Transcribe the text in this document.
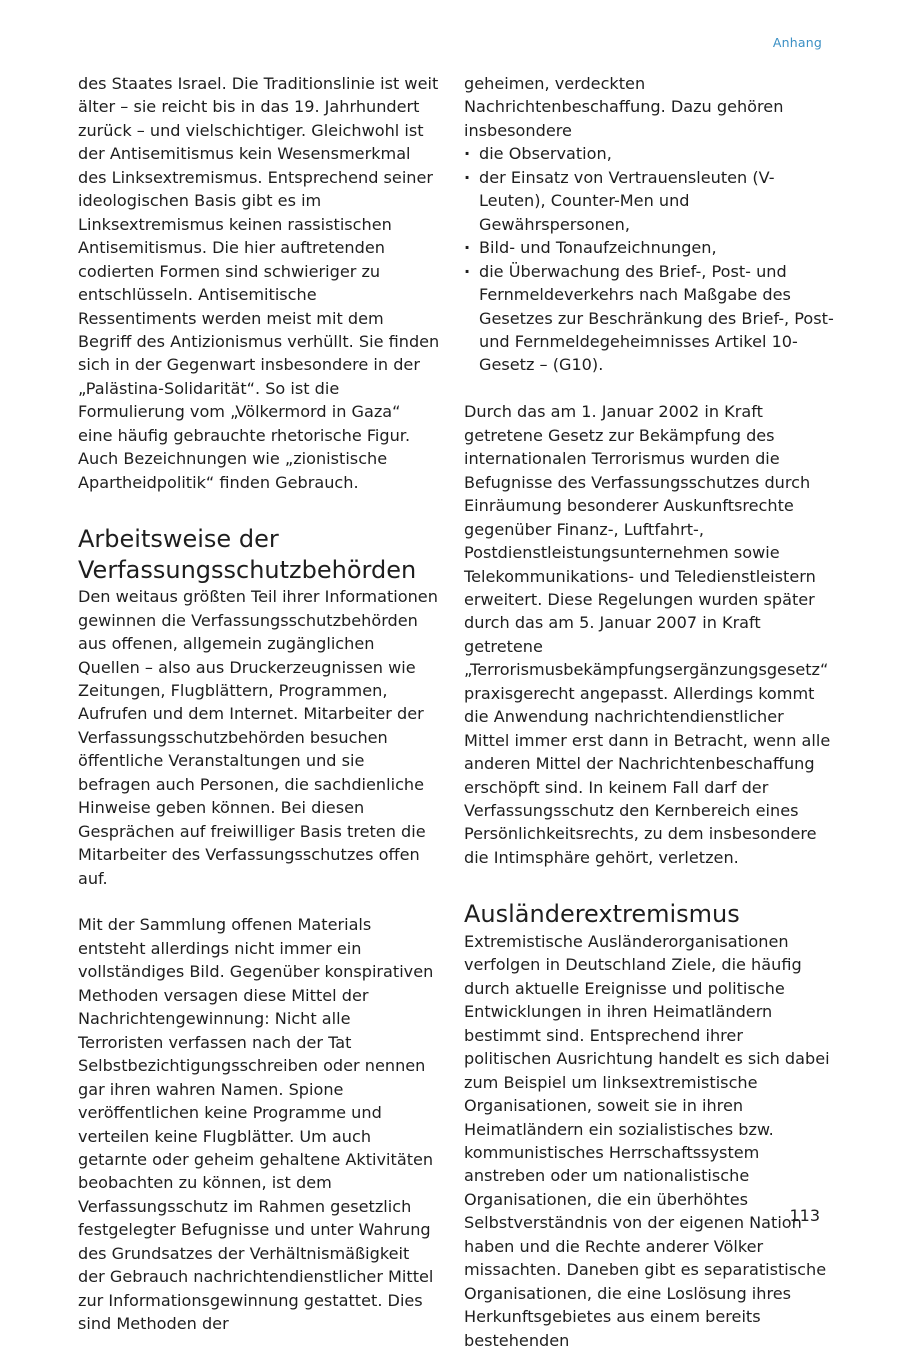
Anhang

des Staates Israel. Die Traditionslinie ist weit älter – sie reicht bis in das 19. Jahrhundert zurück – und vielschichtiger. Gleichwohl ist der Antisemitismus kein Wesensmerkmal des Linksextremismus. Entsprechend seiner ideologischen Basis gibt es im Linksextremismus keinen rassistischen Antisemitismus. Die hier auftretenden codierten Formen sind schwieriger zu entschlüsseln. Antisemitische Ressentiments werden meist mit dem Begriff des Antizionismus verhüllt. Sie finden sich in der Gegenwart insbesondere in der „Palästina-Solidarität“. So ist die Formulierung vom „Völkermord in Gaza“ eine häufig gebrauchte rhetorische Figur. Auch Bezeichnungen wie „zionistische Apartheidpolitik“ finden Gebrauch.

Arbeitsweise der Verfassungsschutzbehörden

Den weitaus größten Teil ihrer Informationen gewinnen die Verfassungsschutzbehörden aus offenen, allgemein zugänglichen Quellen – also aus Druckerzeugnissen wie Zeitungen, Flugblättern, Programmen, Aufrufen und dem Internet. Mitarbeiter der Verfassungsschutzbehörden besuchen öffentliche Veranstaltungen und sie befragen auch Personen, die sachdienliche Hinweise geben können. Bei diesen Gesprächen auf freiwilliger Basis treten die Mitarbeiter des Verfassungsschutzes offen auf.

Mit der Sammlung offenen Materials entsteht allerdings nicht immer ein vollständiges Bild. Gegenüber konspirativen Methoden versagen diese Mittel der Nachrichtengewinnung: Nicht alle Terroristen verfassen nach der Tat Selbstbezichtigungsschreiben oder nennen gar ihren wahren Namen. Spione veröffentlichen keine Programme und verteilen keine Flugblätter. Um auch getarnte oder geheim gehaltene Aktivitäten beobachten zu können, ist dem Verfassungsschutz im Rahmen gesetzlich festgelegter Befugnisse und unter Wahrung des Grundsatzes der Verhältnismäßigkeit der Gebrauch nachrichtendienstlicher Mittel zur Informationsgewinnung gestattet. Dies sind Methoden der

geheimen, verdeckten Nachrichtenbeschaffung. Dazu gehören insbesondere

· die Observation,
· der Einsatz von Vertrauensleuten (V-Leuten), Counter-Men und Gewährspersonen,
· Bild- und Tonaufzeichnungen,
· die Überwachung des Brief-, Post- und Fernmeldeverkehrs nach Maßgabe des Gesetzes zur Beschränkung des Brief-, Post- und Fernmeldegeheimnisses Artikel 10-Gesetz – (G10).

Durch das am 1. Januar 2002 in Kraft getretene Gesetz zur Bekämpfung des internationalen Terrorismus wurden die Befugnisse des Verfassungsschutzes durch Einräumung besonderer Auskunftsrechte gegenüber Finanz-, Luftfahrt-, Postdienstleistungsunternehmen sowie Telekommunikations- und Teledienstleistern erweitert. Diese Regelungen wurden später durch das am 5. Januar 2007 in Kraft getretene „Terrorismusbekämpfungsergänzungsgesetz“ praxisgerecht angepasst. Allerdings kommt die Anwendung nachrichtendienstlicher Mittel immer erst dann in Betracht, wenn alle anderen Mittel der Nachrichtenbeschaffung erschöpft sind. In keinem Fall darf der Verfassungsschutz den Kernbereich eines Persönlichkeitsrechts, zu dem insbesondere die Intimsphäre gehört, verletzen.

Ausländerextremismus

Extremistische Ausländerorganisationen verfolgen in Deutschland Ziele, die häufig durch aktuelle Ereignisse und politische Entwicklungen in ihren Heimatländern bestimmt sind. Entsprechend ihrer politischen Ausrichtung handelt es sich dabei zum Beispiel um linksextremistische Organisationen, soweit sie in ihren Heimatländern ein sozialistisches bzw. kommunistisches Herrschaftssystem anstreben oder um nationalistische Organisationen, die ein überhöhtes Selbstverständnis von der eigenen Nation haben und die Rechte anderer Völker missachten. Daneben gibt es separatistische Organisationen, die eine Loslösung ihres Herkunftsgebietes aus einem bereits bestehenden

113
